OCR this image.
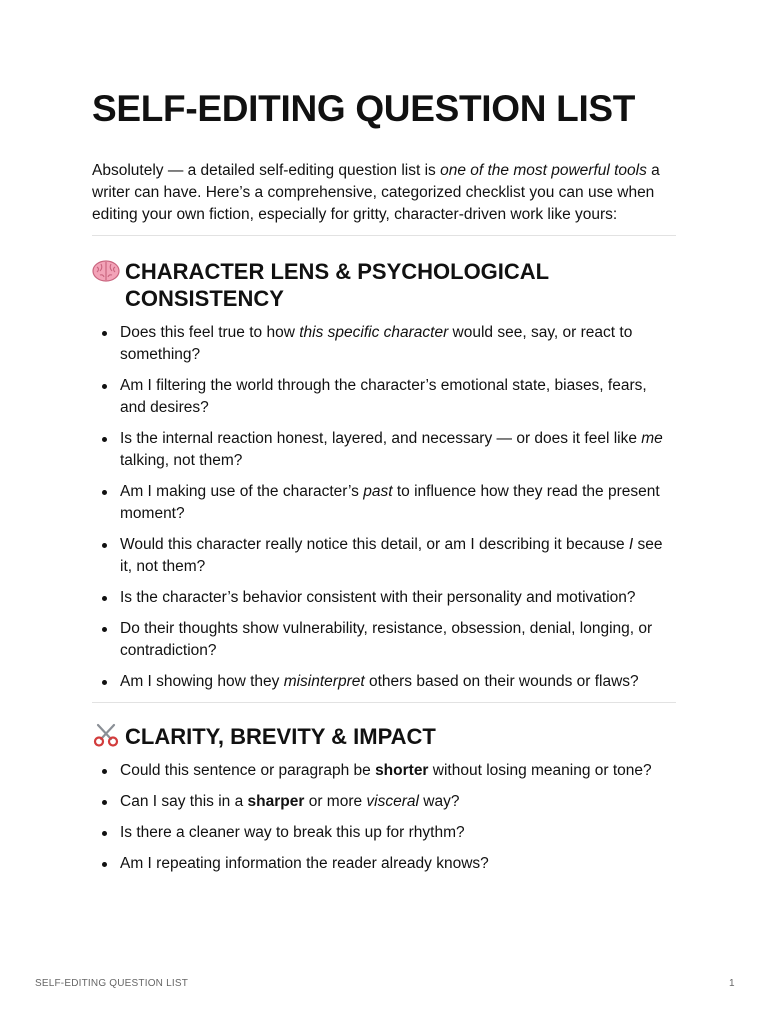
SELF-EDITING QUESTION LIST

Absolutely — a detailed self-editing question list is one of the most powerful tools a writer can have. Here’s a comprehensive, categorized checklist you can use when editing your own fiction, especially for gritty, character-driven work like yours:

CHARACTER LENS & PSYCHOLOGICAL CONSISTENCY
Does this feel true to how this specific character would see, say, or react to something?
Am I filtering the world through the character’s emotional state, biases, fears, and desires?
Is the internal reaction honest, layered, and necessary — or does it feel like me talking, not them?
Am I making use of the character’s past to influence how they read the present moment?
Would this character really notice this detail, or am I describing it because I see it, not them?
Is the character’s behavior consistent with their personality and motivation?
Do their thoughts show vulnerability, resistance, obsession, denial, longing, or contradiction?
Am I showing how they misinterpret others based on their wounds or flaws?
CLARITY, BREVITY & IMPACT
Could this sentence or paragraph be shorter without losing meaning or tone?
Can I say this in a sharper or more visceral way?
Is there a cleaner way to break this up for rhythm?
Am I repeating information the reader already knows?
SELF-EDITING QUESTION LIST	1
